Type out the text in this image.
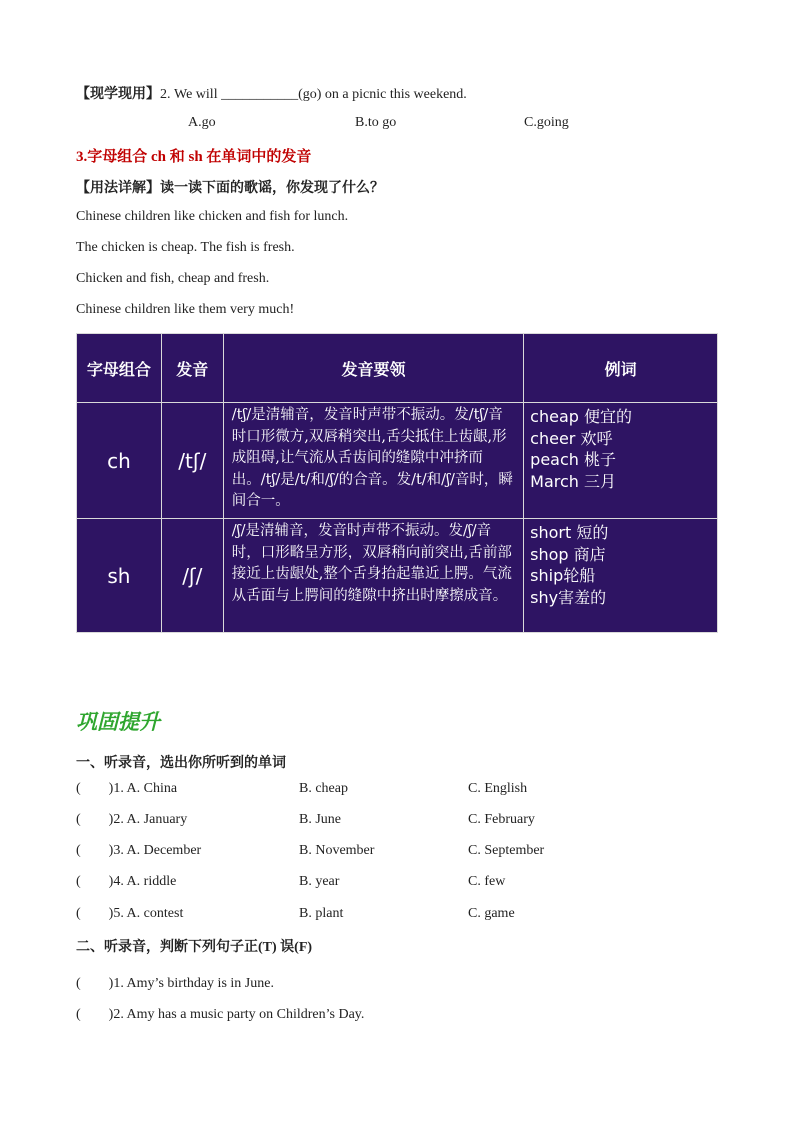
【现学现用】2. We will ___________(go) on a picnic this weekend.
A.go	B.to go	C.going
3.字母组合 ch 和 sh 在单词中的发音
【用法详解】读一读下面的歌谣，你发现了什么？
Chinese children like chicken and fish for lunch.
The chicken is cheap. The fish is fresh.
Chicken and fish, cheap and fresh.
Chinese children like them very much!
字母组合	发音	发音要领	例词
ch	/tʃ/	/tʃ/是清辅音，发音时声带不振动。发/tʃ/音时口形微方,双唇稍突出,舌尖抵住上齿龈,形成阻碍,让气流从舌齿间的缝隙中冲挤而出。/tʃ/是/t/和/ʃ/的合音。发/t/和/ʃ/音时，瞬间合一。	cheap 便宜的
cheer 欢呼
peach 桃子
March 三月

sh	/ʃ/	/ʃ/是清辅音，发音时声带不振动。发/ʃ/音时，口形略呈方形，双唇稍向前突出,舌前部接近上齿龈处,整个舌身抬起靠近上腭。气流从舌面与上腭间的缝隙中挤出时摩擦成音。	short 短的
shop 商店
ship轮船
shy害羞的
巩固提升
一、听录音，选出你所听到的单词
( )1. A. China	B. cheap	C. English
( )2. A. January	B. June	C. February
( )3. A. December	B. November	C. September
( )4. A. riddle	B. year	C. few
( )5. A. contest	B. plant	C. game
二、听录音，判断下列句子正(T) 误(F)
( )1. Amy’s birthday is in June.
( )2. Amy has a music party on Children’s Day.
